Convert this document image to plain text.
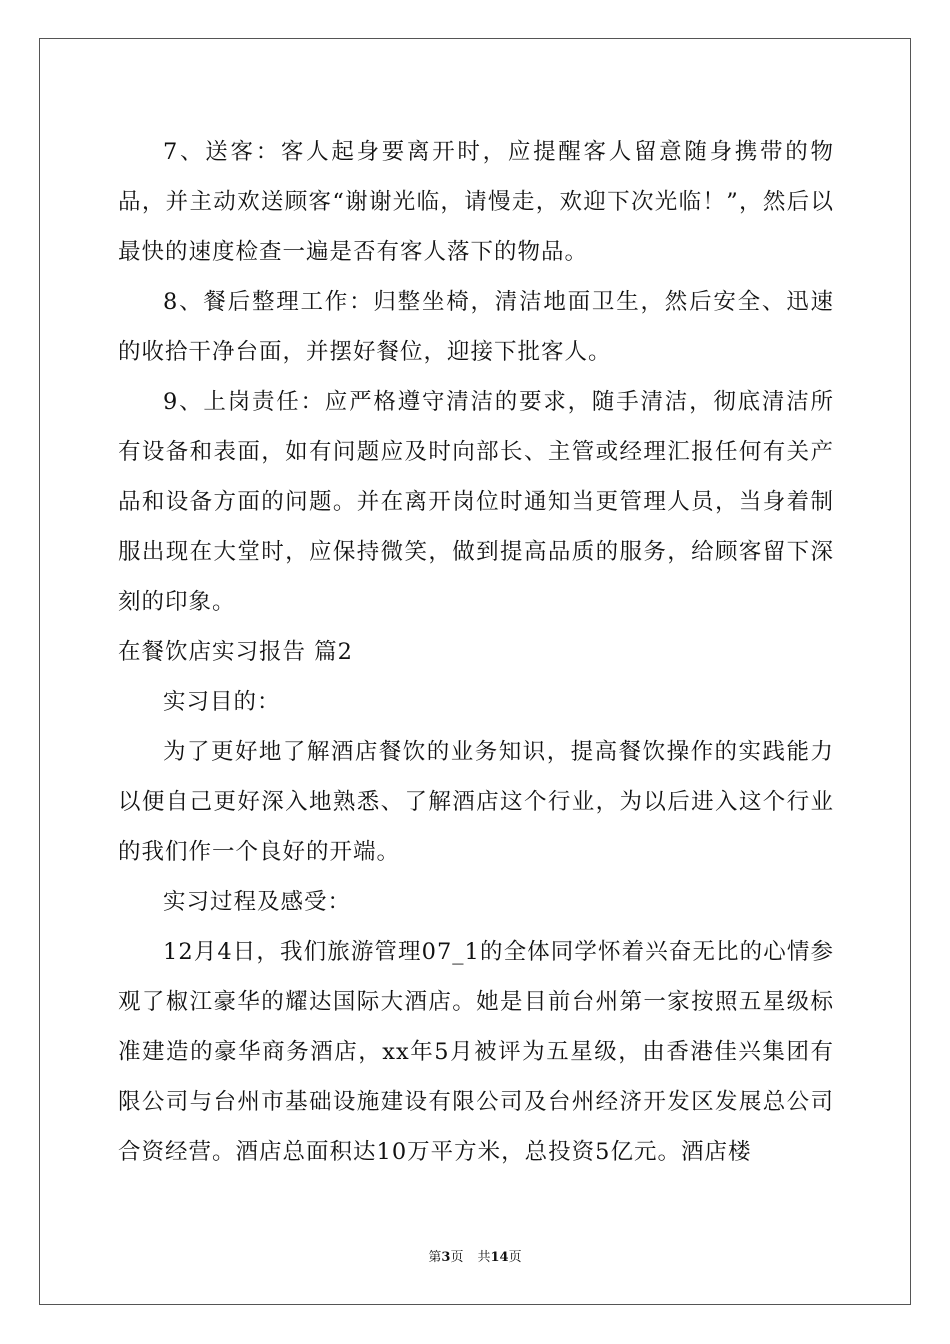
7、送客：客人起身要离开时，应提醒客人留意随身携带的物品，并主动欢送顾客“谢谢光临，请慢走，欢迎下次光临！”，然后以最快的速度检查一遍是否有客人落下的物品。

8、餐后整理工作：归整坐椅，清洁地面卫生，然后安全、迅速的收拾干净台面，并摆好餐位，迎接下批客人。

9、上岗责任：应严格遵守清洁的要求，随手清洁，彻底清洁所有设备和表面，如有问题应及时向部长、主管或经理汇报任何有关产品和设备方面的问题。并在离开岗位时通知当更管理人员，当身着制服出现在大堂时，应保持微笑，做到提高品质的服务，给顾客留下深刻的印象。

在餐饮店实习报告 篇2

实习目的：

为了更好地了解酒店餐饮的业务知识，提高餐饮操作的实践能力以便自己更好深入地熟悉、了解酒店这个行业，为以后进入这个行业的我们作一个良好的开端。

实习过程及感受：

12月4日，我们旅游管理07_1的全体同学怀着兴奋无比的心情参观了椒江豪华的耀达国际大酒店。她是目前台州第一家按照五星级标准建造的豪华商务酒店，xx年5月被评为五星级，由香港佳兴集团有限公司与台州市基础设施建设有限公司及台州经济开发区发展总公司合资经营。酒店总面积达10万平方米，总投资5亿元。酒店楼

第3页 共14页
